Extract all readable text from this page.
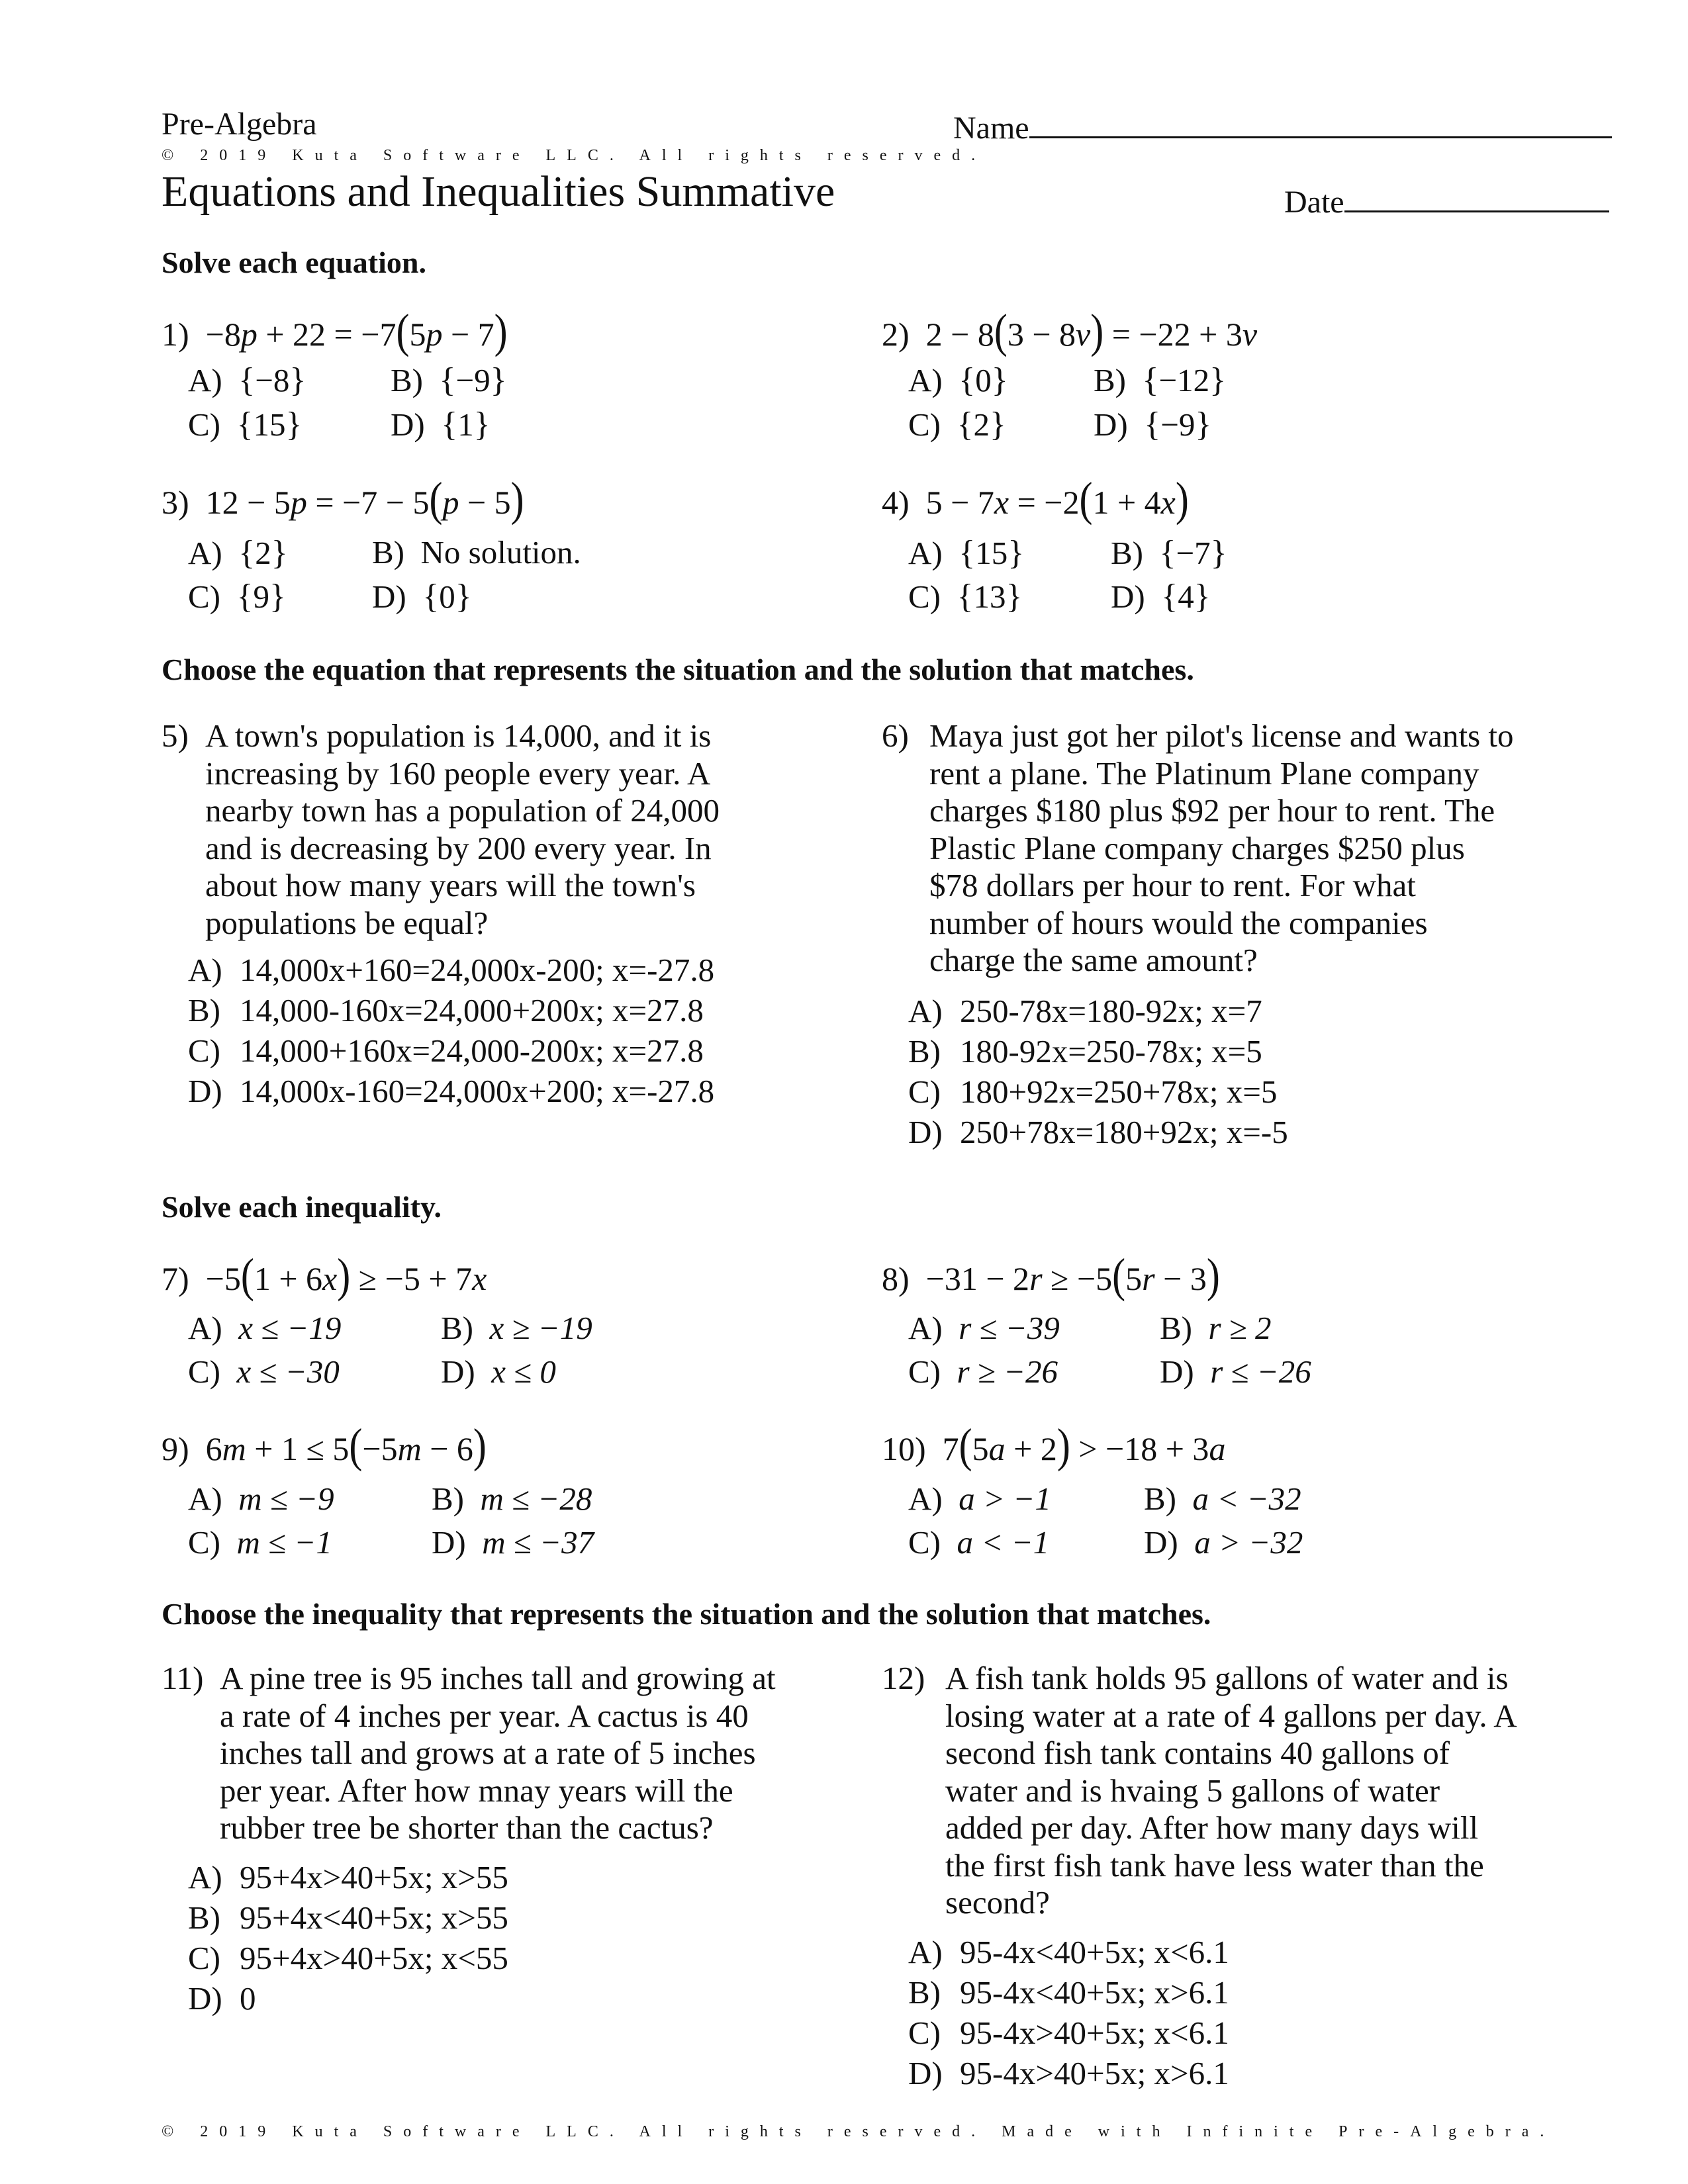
Pre-Algebra	Name
© 2019 Kuta Software LLC. All rights reserved.
Equations and Inequalities Summative	Date
Solve each equation.
1)  −8p + 22 = −7(5p − 7)
A) {−8}	B) {−9}
C) {15}	D) {1}
2)  2 − 8(3 − 8v) = −22 + 3v
A) {0}	B) {−12}
C) {2}	D) {−9}
3)  12 − 5p = −7 − 5(p − 5)
A) {2}	B) No solution.
C) {9}	D) {0}
4)  5 − 7x = −2(1 + 4x)
A) {15}	B) {−7}
C) {13}	D) {4}
Choose the equation that represents the situation and the solution that matches.
5) A town's population is 14,000, and it is increasing by 160 people every year. A nearby town has a population of 24,000 and is decreasing by 200 every year. In about how many years will the town's populations be equal?
A) 14,000x+160=24,000x-200; x=-27.8
B) 14,000-160x=24,000+200x; x=27.8
C) 14,000+160x=24,000-200x; x=27.8
D) 14,000x-160=24,000x+200; x=-27.8
6) Maya just got her pilot's license and wants to rent a plane. The Platinum Plane company charges $180 plus $92 per hour to rent. The Plastic Plane company charges $250 plus $78 dollars per hour to rent. For what number of hours would the companies charge the same amount?
A) 250-78x=180-92x; x=7
B) 180-92x=250-78x; x=5
C) 180+92x=250+78x; x=5
D) 250+78x=180+92x; x=-5
Solve each inequality.
7)  −5(1 + 6x) ≥ −5 + 7x
A) x ≤ −19	B) x ≥ −19
C) x ≤ −30	D) x ≤ 0
8)  −31 − 2r ≥ −5(5r − 3)
A) r ≤ −39	B) r ≥ 2
C) r ≥ −26	D) r ≤ −26
9)  6m + 1 ≤ 5(−5m − 6)
A) m ≤ −9	B) m ≤ −28
C) m ≤ −1	D) m ≤ −37
10)  7(5a + 2) > −18 + 3a
A) a > −1	B) a < −32
C) a < −1	D) a > −32
Choose the inequality that represents the situation and the solution that matches.
11) A pine tree is 95 inches tall and growing at a rate of 4 inches per year. A cactus is 40 inches tall and grows at a rate of 5 inches per year. After how mnay years will the rubber tree be shorter than the cactus?
A) 95+4x>40+5x; x>55
B) 95+4x<40+5x; x>55
C) 95+4x>40+5x; x<55
D) 0
12) A fish tank holds 95 gallons of water and is losing water at a rate of 4 gallons per day. A second fish tank contains 40 gallons of water and is hvaing 5 gallons of water added per day. After how many days will the first fish tank have less water than the second?
A) 95-4x<40+5x; x<6.1
B) 95-4x<40+5x; x>6.1
C) 95-4x>40+5x; x<6.1
D) 95-4x>40+5x; x>6.1
© 2019 Kuta Software LLC. All rights reserved. Made with Infinite Pre-Algebra.
